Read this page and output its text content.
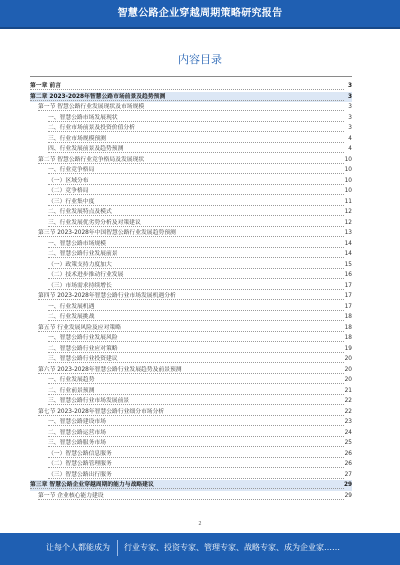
智慧公路企业穿越周期策略研究报告
内容目录
第一章 前言	3
第二章 2023-2028年智慧公路市场前景及趋势预测	3
第一节 智慧公路行业发展现状及市场规模	3
一、智慧公路市场发展现状	3
二、行业市场前景及投资价值分析	3
三、行业市场规模预测	4
四、行业发展前景及趋势预测	4
第二节 智慧公路行业竞争格局及发展现状	10
一、行业竞争格局	10
（一）区域分布	10
（二）竞争格局	10
（三）行业集中度	11
二、行业发展特点及模式	12
三、行业发展优劣势分析及对策建议	12
第三节 2023-2028年中国智慧公路行业发展趋势预测	13
一、智慧公路市场规模	14
二、智慧公路行业发展前景	14
（一）政策支持力度加大	15
（二）技术进步推动行业发展	16
（三）市场需求持续增长	17
第四节 2023-2028年智慧公路行业市场发展机遇分析	17
一、行业发展机遇	17
二、行业发展挑战	18
第五节 行业发展风险及应对策略	18
一、智慧公路行业发展风险	18
二、智慧公路行业应对策略	19
三、智慧公路行业投资建议	20
第六节 2023-2028年智慧公路行业发展趋势及前景预测	20
一、行业发展趋势	20
二、行业前景预测	21
三、智慧公路行业市场发展前景	22
第七节 2023-2028年智慧公路行业细分市场分析	22
一、智慧公路建设市场	23
二、智慧公路运营市场	24
三、智慧公路服务市场	25
（一）智慧公路信息服务	26
（二）智慧公路管理服务	26
（三）智慧公路出行服务	27
第三章 智慧公路企业穿越周期的能力与战略建议	29
第一节 企业核心能力建设	29
2
让每个人都能成为 行业专家、投资专家、管理专家、战略专家、成为企业家……
